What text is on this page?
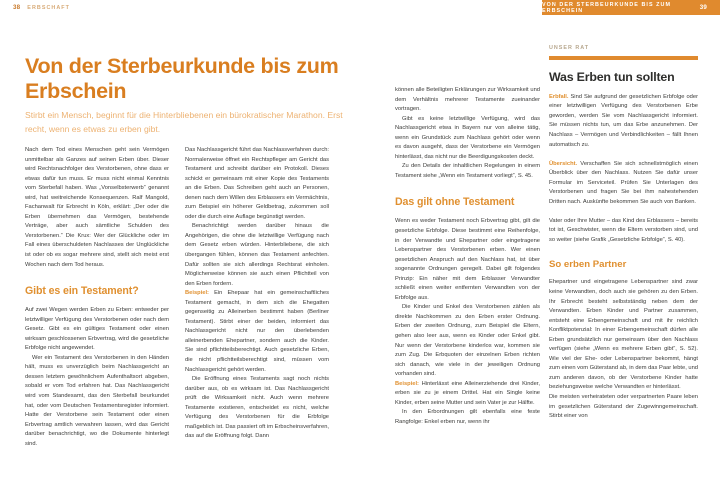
38 ERBSCHAFT
VON DER STERBEURKUNDE BIS ZUM ERBSCHEIN	39
Von der Sterbeurkunde bis zum Erbschein

Stirbt ein Mensch, beginnt für die Hinterbliebenen ein bürokratischer Marathon. Erst recht, wenn es etwas zu erben gibt.

Nach dem Tod eines Menschen geht sein Vermögen unmittelbar als Ganzes auf seinen Erben über. Dieser wird Rechtsnachfolger des Verstorbenen, ohne dass er etwas dafür tun muss. Er muss nicht einmal Kenntnis vom Sterbefall haben. Was „Vonselbsterwerb“ genannt wird, hat weitreichende Konsequenzen. Ralf Mangold, Fachanwalt für Erbrecht in Köln, erklärt: „Der oder die Erben übernehmen das Vermögen, bestehende Verträge, aber auch sämtliche Schulden des Verstorbenen.“ Die Krux: Wer der Glückliche oder im Fall eines überschuldeten Nachlasses der Unglückliche ist oder ob es sogar mehrere sind, stellt sich meist erst Wochen nach dem Tod heraus.

Gibt es ein Testament?

Auf zwei Wegen werden Erben zu Erben: entweder per letztwilliger Verfügung des Verstorbenen oder nach dem Gesetz. Gibt es ein gültiges Testament oder einen wirksam geschlossenen Erbvertrag, wird die gesetzliche Erbfolge nicht angewendet.

Wer ein Testament des Verstorbenen in den Händen hält, muss es unverzüglich beim Nachlassgericht an dessen letztem gewöhnlichem Aufenthaltsort abgeben, sobald er vom Tod erfahren hat. Das Nachlassgericht wird vom Standesamt, das den Sterbefall beurkundet hat, oder vom Deutschen Testamentsregister informiert. Hatte der Verstorbene sein Testament oder einen Erbvertrag amtlich verwahren lassen, wird das Gericht darüber benachrichtigt, wo die Dokumente hinterlegt sind.

Das Nachlassgericht führt das Nachlassverfahren durch: Normalerweise öffnet ein Rechtspfleger am Gericht das Testament und schreibt darüber ein Protokoll. Dieses schickt er gemeinsam mit einer Kopie des Testaments an die Erben. Das Schreiben geht auch an Personen, denen nach dem Willen des Erblassers ein Vermächtnis, zum Beispiel ein höherer Geldbetrag, zukommen soll oder die durch eine Auflage begünstigt werden.

Benachrichtigt werden darüber hinaus die Angehörigen, die ohne die letztwillige Verfügung nach dem Gesetz erben würden. Hinterbliebene, die sich übergangen fühlen, können das Testament anfechten. Dafür sollten sie sich allerdings Rechtsrat einholen. Möglicherweise können sie auch einen Pflichtteil von den Erben fordern.

Beispiel: Ein Ehepaar hat ein gemeinschaftliches Testament gemacht, in dem sich die Ehegatten gegenseitig zu Alleinerben bestimmt haben (Berliner Testament). Stirbt einer der beiden, informiert das Nachlassgericht nicht nur den überlebenden alleinerbenden Ehepartner, sondern auch die Kinder. Sie sind pflichtteilsberechtigt. Auch gesetzliche Erben, die nicht pflichtteilsberechtigt sind, müssen vom Nachlassgericht gehört werden.

Die Eröffnung eines Testaments sagt noch nichts darüber aus, ob es wirksam ist. Das Nachlassgericht prüft die Wirksamkeit nicht. Auch wenn mehrere Testamente existieren, entscheidet es nicht, welche Verfügung des Verstorbenen für die Erbfolge maßgeblich ist. Das passiert oft im Erbscheinsverfahren, das auf die Eröffnung folgt. Dann

können alle Beteiligten Erklärungen zur Wirksamkeit und dem Verhältnis mehrerer Testamente zueinander vortragen.

Gibt es keine letztwillige Verfügung, wird das Nachlassgericht etwa in Bayern nur von alleine tätig, wenn ein Grundstück zum Nachlass gehört oder wenn es davon ausgeht, dass der Verstorbene ein Vermögen hinterlässt, das nicht nur die Beerdigungskosten deckt.

Zu den Details der inhaltlichen Regelungen in einem Testament siehe „Wenn ein Testament vorliegt“, S. 45.

Das gilt ohne Testament

Wenn es weder Testament noch Erbvertrag gibt, gilt die gesetzliche Erbfolge. Diese bestimmt eine Reihenfolge, in der Verwandte und Ehepartner oder eingetragene Lebenspartner des Verstorbenen erben. Wer einen gesetzlichen Anspruch auf den Nachlass hat, ist über sogenannte Ordnungen geregelt. Dabei gilt folgendes Prinzip: Ein näher mit dem Erblasser Verwandter schließt einen weiter entfernten Verwandten von der Erbfolge aus.

Die Kinder und Enkel des Verstorbenen zählen als direkte Nachkommen zu den Erben erster Ordnung. Erben der zweiten Ordnung, zum Beispiel die Eltern, gehen also leer aus, wenn es Kinder oder Enkel gibt. Nur wenn der Verstorbene kinderlos war, kommen sie zum Zug. Die Erbquoten der einzelnen Erben richten sich danach, wie viele in der jeweiligen Ordnung vorhanden sind.

Beispiel: Hinterlässt eine Alleinerziehende drei Kinder, erben sie zu je einem Drittel. Hat ein Single keine Kinder, erben seine Mutter und sein Vater je zur Hälfte.

In den Erbordnungen gilt ebenfalls eine feste Rangfolge: Enkel erben nur, wenn ihr

UNSER RAT
Was Erben tun sollten

Erbfall. Sind Sie aufgrund der gesetzlichen Erbfolge oder einer letztwilligen Verfügung des Verstorbenen Erbe geworden, werden Sie vom Nachlassgericht informiert. Sie müssen nichts tun, um das Erbe anzunehmen. Der Nachlass – Vermögen und Verbindlichkeiten – fällt Ihnen automatisch zu.

Übersicht. Verschaffen Sie sich schnellstmöglich einen Überblick über den Nachlass. Nutzen Sie dafür unser Formular im Serviceteil. Prüfen Sie Unterlagen des Verstorbenen und fragen Sie bei ihm nahestehenden Dritten nach. Auskünfte bekommen Sie auch von Banken.

Vater oder Ihre Mutter – das Kind des Erblassers – bereits tot ist, Geschwister, wenn die Eltern verstorben sind, und so weiter (siehe Grafik „Gesetzliche Erbfolge“, S. 40).

So erben Partner

Ehepartner und eingetragene Lebenspartner sind zwar keine Verwandten, doch auch sie gehören zu den Erben. Ihr Erbrecht besteht selbstständig neben dem der Verwandten. Erben Kinder und Partner zusammen, entsteht eine Erbengemeinschaft und mit ihr reichlich Konfliktpotenzial: In einer Erbengemeinschaft dürfen alle Erben grundsätzlich nur gemeinsam über den Nachlass verfügen (siehe „Wenn es mehrere Erben gibt“, S. 52). Wie viel der Ehe- oder Lebenspartner bekommt, hängt zum einen vom Güterstand ab, in dem das Paar lebte, und zum anderen davon, ob der Verstorbene Kinder hatte beziehungsweise welche Verwandten er hinterlässt.

Die meisten verheirateten oder verpartnerten Paare leben im gesetzlichen Güterstand der Zugewinngemeinschaft. Stirbt einer von
